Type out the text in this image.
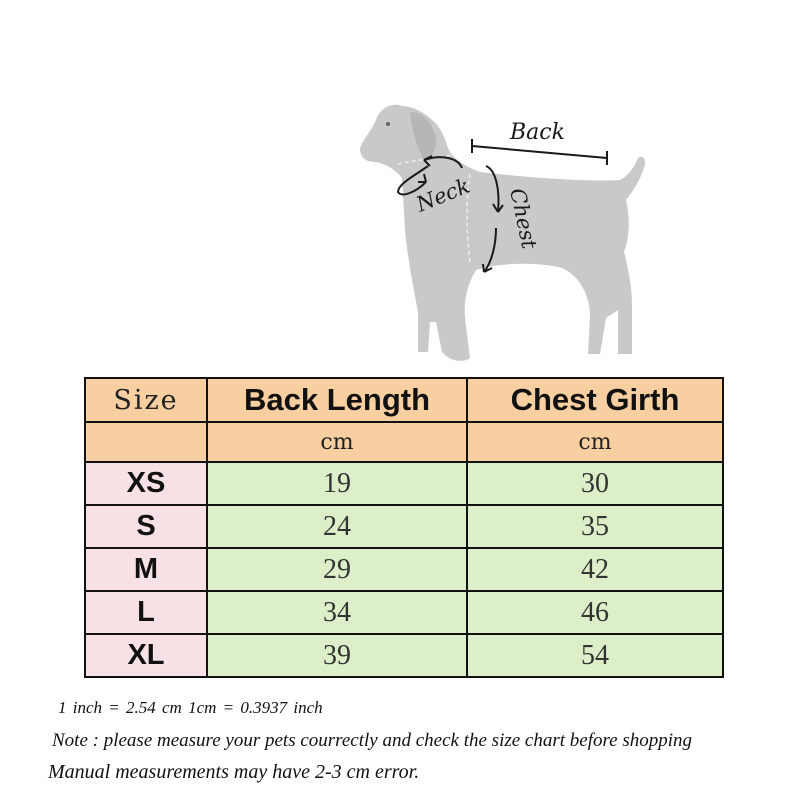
Back
Neck Chest
Size	Back Length	Chest Girth
	cm	cm
XS	19	30
S	24	35
M	29	42
L	34	46
XL	39	54
1 inch = 2.54 cm 1cm = 0.3937 inch
Note : please measure your pets courrectly and check the size chart before shopping
Manual measurements may have 2-3 cm error.
